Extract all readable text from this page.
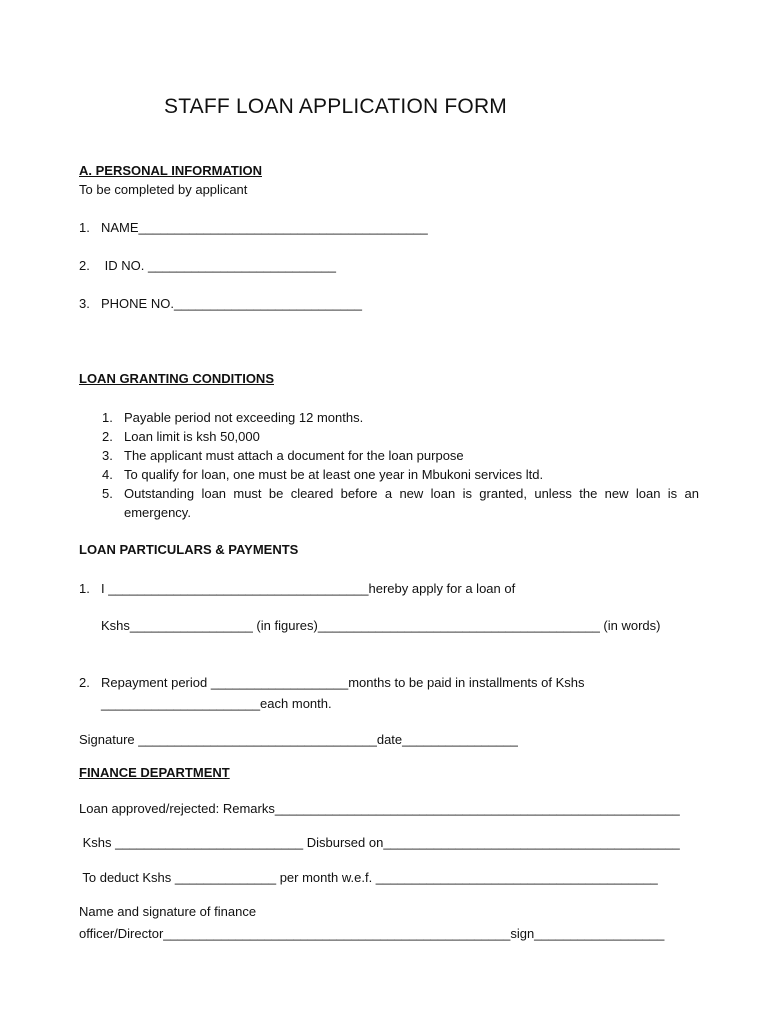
STAFF LOAN APPLICATION FORM
A. PERSONAL INFORMATION
To be completed by applicant
1. NAME________________________________________
2. ID NO. __________________________
3. PHONE NO.__________________________
LOAN GRANTING CONDITIONS
1. Payable period not exceeding 12 months.
2. Loan limit is ksh 50,000
3. The applicant must attach a document for the loan purpose
4. To qualify for loan, one must be at least one year in Mbukoni services ltd.
5. Outstanding loan must be cleared before a new loan is granted, unless the new loan is an
emergency.
LOAN PARTICULARS & PAYMENTS
1. I ____________________________________hereby apply for a loan of
Kshs_________________ (in figures)_______________________________________ (in words)
2. Repayment period ___________________months to be paid in installments of Kshs
______________________each month.
Signature _________________________________date________________
FINANCE DEPARTMENT
Loan approved/rejected: Remarks________________________________________________________
Kshs __________________________ Disbursed on_________________________________________
To deduct Kshs ______________ per month w.e.f. _______________________________________
Name and signature of finance
officer/Director________________________________________________sign__________________
